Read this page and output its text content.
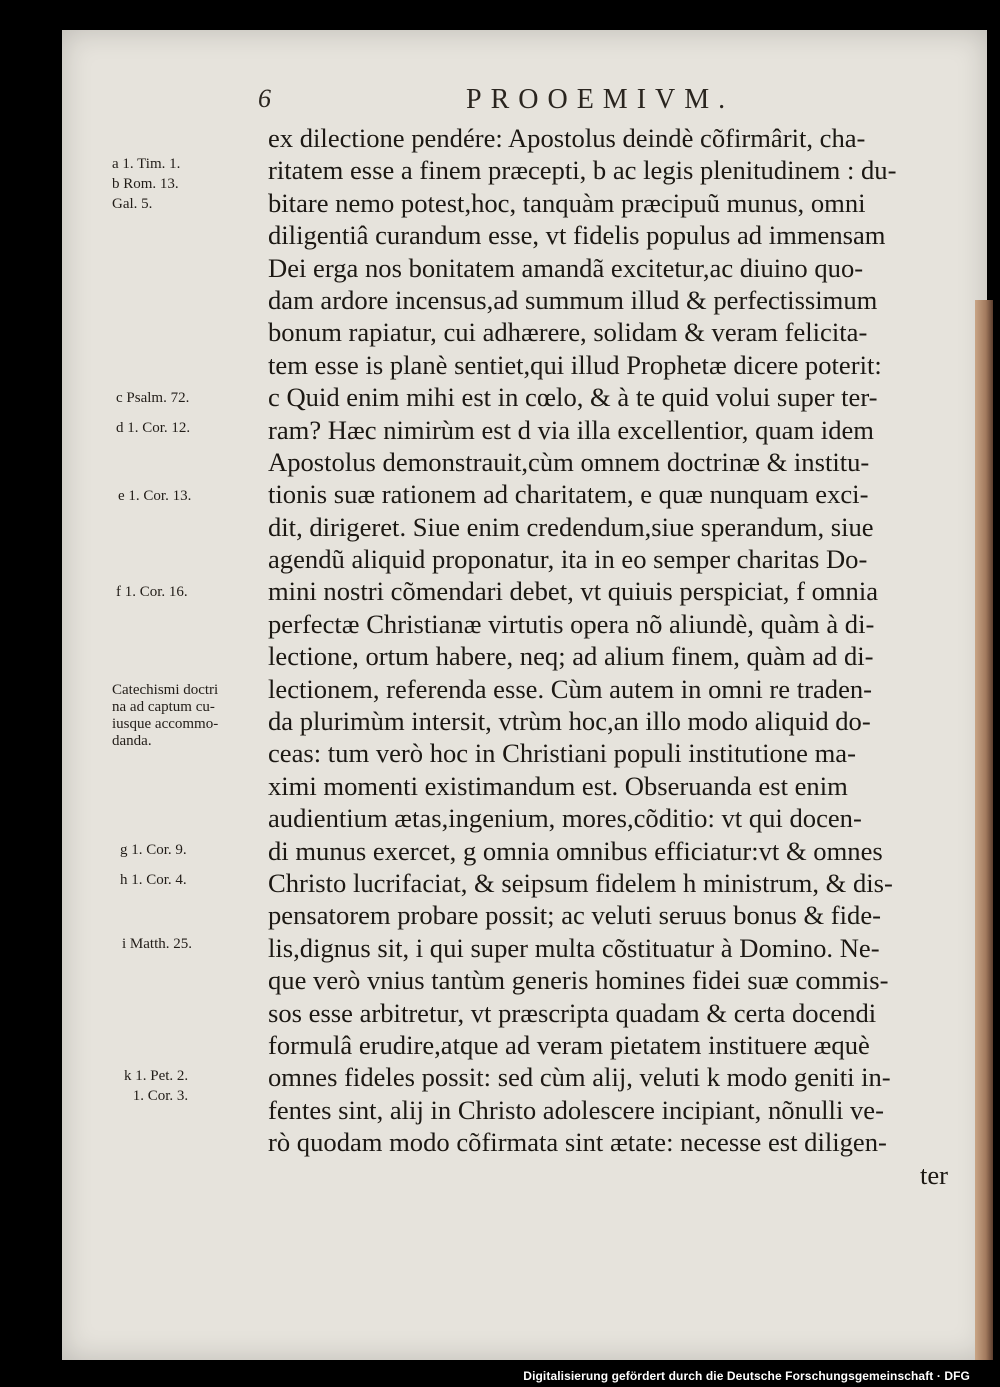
6	PROOEMIVM.
ex dilectione pendére: Apostolus deindè cõfirmârit, cha-
ritatem esse a finem præcepti, b ac legis plenitudinem : du-
bitare nemo potest,hoc, tanquàm præcipuũ munus, omni
diligentiâ curandum esse, vt fidelis populus ad immensam
Dei erga nos bonitatem amandã excitetur,ac diuino quo-
dam ardore incensus,ad summum illud & perfectissimum
bonum rapiatur, cui adhærere, solidam & veram felicita-
tem esse is planè sentiet,qui illud Prophetæ dicere poterit:
c Quid enim mihi est in cœlo, & à te quid volui super ter-
ram? Hæc nimirùm est d via illa excellentior, quam idem
Apostolus demonstrauit,cùm omnem doctrinæ & institu-
tionis suæ rationem ad charitatem, e quæ nunquam exci-
dit, dirigeret. Siue enim credendum,siue sperandum, siue
agendũ aliquid proponatur, ita in eo semper charitas Do-
mini nostri cõmendari debet, vt quiuis perspiciat, f omnia
perfectæ Christianæ virtutis opera nõ aliundè, quàm à di-
lectione, ortum habere, neq; ad alium finem, quàm ad di-
lectionem, referenda esse. Cùm autem in omni re traden-
da plurimùm intersit, vtrùm hoc,an illo modo aliquid do-
ceas: tum verò hoc in Christiani populi institutione ma-
ximi momenti existimandum est. Obseruanda est enim
audientium ætas,ingenium, mores,cõditio: vt qui docen-
di munus exercet, g omnia omnibus efficiatur:vt & omnes
Christo lucrifaciat, & seipsum fidelem h ministrum, & dis-
pensatorem probare possit; ac veluti seruus bonus & fide-
lis,dignus sit, i qui super multa cõstituatur à Domino. Ne-
que verò vnius tantùm generis homines fidei suæ commis-
sos esse arbitretur, vt præscripta quadam & certa docendi
formulâ erudire,atque ad veram pietatem instituere æquè
omnes fideles possit: sed cùm alij, veluti k modo geniti in-
fentes sint, alij in Christo adolescere incipiant, nõnulli ve-
rò quodam modo cõfirmata sint ætate: necesse est diligen-
ter
a 1. Tim. 1.
b Rom. 13.
Gal. 5.
c Psalm. 72.
d 1. Cor. 12.
e 1. Cor. 13.
f 1. Cor. 16.
Catechismi doctri
na ad captum cu-
iusque accommo-
danda.
g 1. Cor. 9.
h 1. Cor. 4.
i Matth. 25.
k 1. Pet. 2.
1. Cor. 3.
Digitalisierung gefördert durch die Deutsche Forschungsgemeinschaft · DFG
